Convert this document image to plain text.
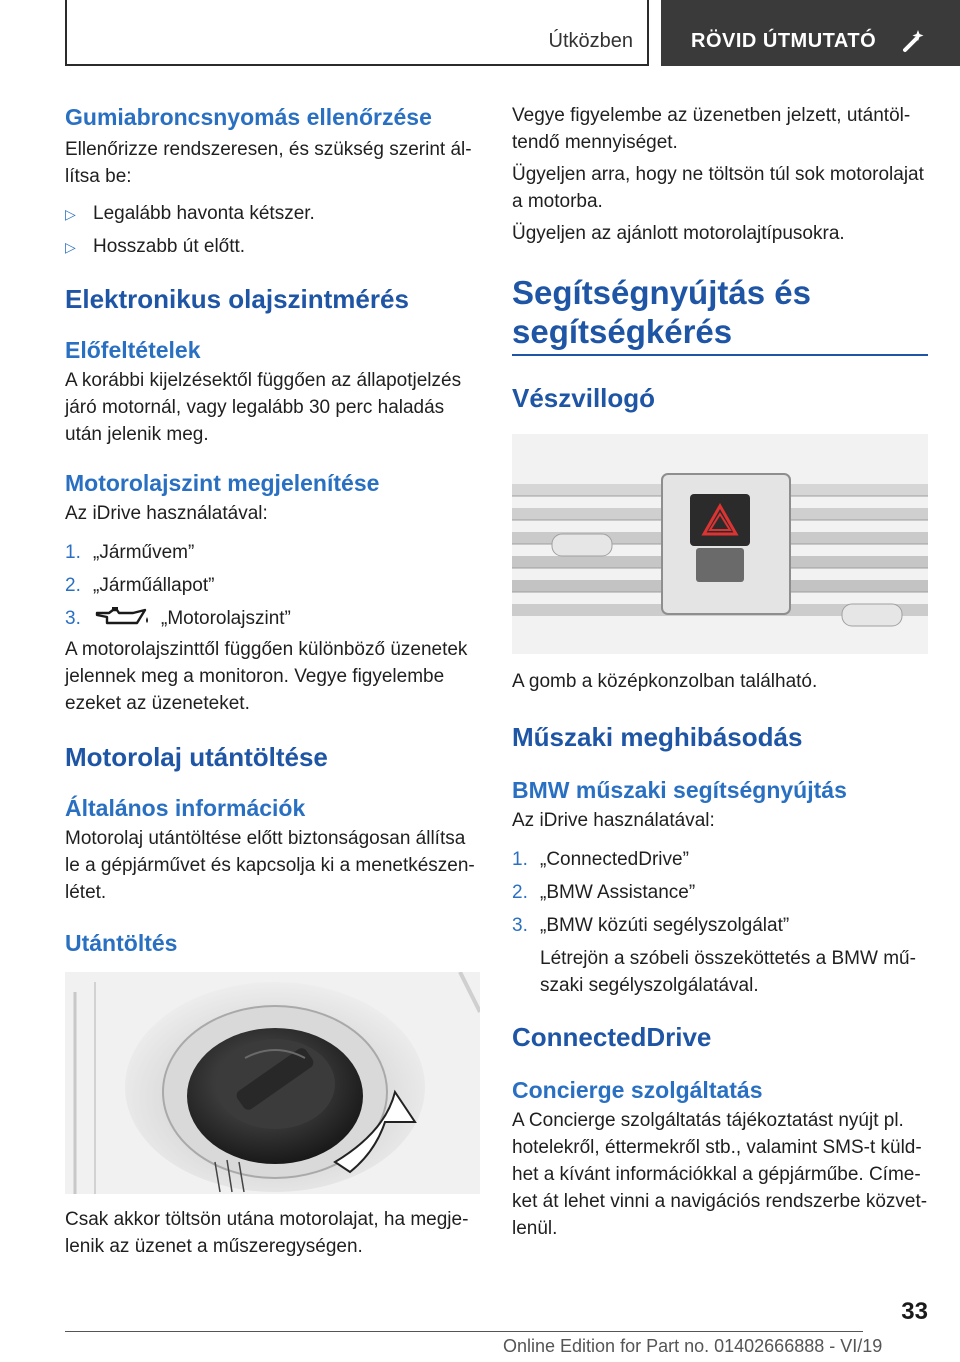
Útközben	RÖVID ÚTMUTATÓ
Gumiabroncsnyomás ellenőrzése

Ellenőrizze rendszeresen, és szükség szerint ál- lítsa be:

▷ Legalább havonta kétszer.
▷ Hosszabb út előtt.
Elektronikus olajszintmérés
Előfeltételek

A korábbi kijelzésektől függően az állapotjelzés járó motornál, vagy legalább 30 perc haladás után jelenik meg.

Motorolajszint megjelenítése

Az iDrive használatával:

1. „Járművem”
2. „Járműállapot”
3.	„Motorolajszint”

A motorolajszinttől függően különböző üzenetek jelennek meg a monitoron. Vegye figyelembe ezeket az üzeneteket.

Motorolaj utántöltése
Általános információk

Motorolaj utántöltése előtt biztonságosan állítsa le a gépjárművet és kapcsolja ki a menetkészen- létet.

Utántöltés

Csak akkor töltsön utána motorolajat, ha megje- lenik az üzenet a műszeregységen.

Vegye figyelembe az üzenetben jelzett, utántöl- tendő mennyiséget.

Ügyeljen arra, hogy ne töltsön túl sok motorolajat a motorba.

Ügyeljen az ajánlott motorolajtípusokra.

Segítségnyújtás és
segítségkérés
Vészvillogó

A gomb a középkonzolban található.

Műszaki meghibásodás
BMW műszaki segítségnyújtás

Az iDrive használatával:

1. „ConnectedDrive”
2. „BMW Assistance”
3. „BMW közúti segélyszolgálat”

Létrejön a szóbeli összeköttetés a BMW mű- szaki segélyszolgálatával.

ConnectedDrive
Concierge szolgáltatás

A Concierge szolgáltatás tájékoztatást nyújt pl. hotelekről, éttermekről stb., valamint SMS-t küld- het a kívánt információkkal a gépjárműbe. Címe- ket át lehet vinni a navigációs rendszerbe közvet- lenül.

33
Online Edition for Part no. 01402666888 - VI/19
